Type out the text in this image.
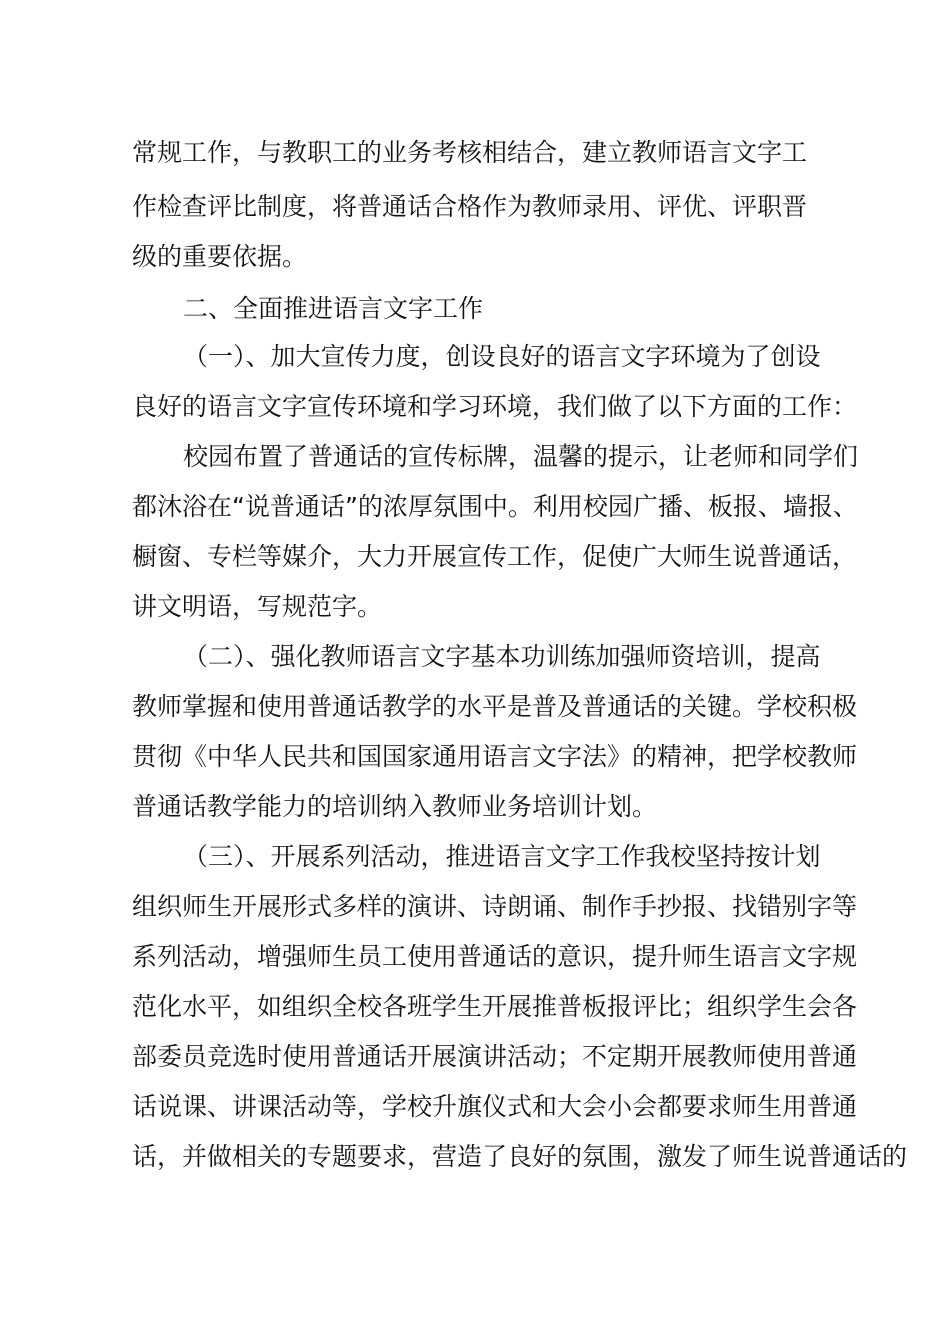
常规工作，与教职工的业务考核相结合，建立教师语言文字工
作检查评比制度，将普通话合格作为教师录用、评优、评职晋
级的重要依据。
二、全面推进语言文字工作
（一）、加大宣传力度，创设良好的语言文字环境为了创设
良好的语言文字宣传环境和学习环境，我们做了以下方面的工作：
校园布置了普通话的宣传标牌，温馨的提示，让老师和同学们
都沐浴在“说普通话”的浓厚氛围中。利用校园广播、板报、墙报、
橱窗、专栏等媒介，大力开展宣传工作，促使广大师生说普通话，
讲文明语，写规范字。
（二）、强化教师语言文字基本功训练加强师资培训，提高
教师掌握和使用普通话教学的水平是普及普通话的关键。学校积极
贯彻《中华人民共和国国家通用语言文字法》的精神，把学校教师
普通话教学能力的培训纳入教师业务培训计划。
（三）、开展系列活动，推进语言文字工作我校坚持按计划
组织师生开展形式多样的演讲、诗朗诵、制作手抄报、找错别字等
系列活动，增强师生员工使用普通话的意识，提升师生语言文字规
范化水平，如组织全校各班学生开展推普板报评比；组织学生会各
部委员竞选时使用普通话开展演讲活动；不定期开展教师使用普通
话说课、讲课活动等，学校升旗仪式和大会小会都要求师生用普通
话，并做相关的专题要求，营造了良好的氛围，激发了师生说普通话的
